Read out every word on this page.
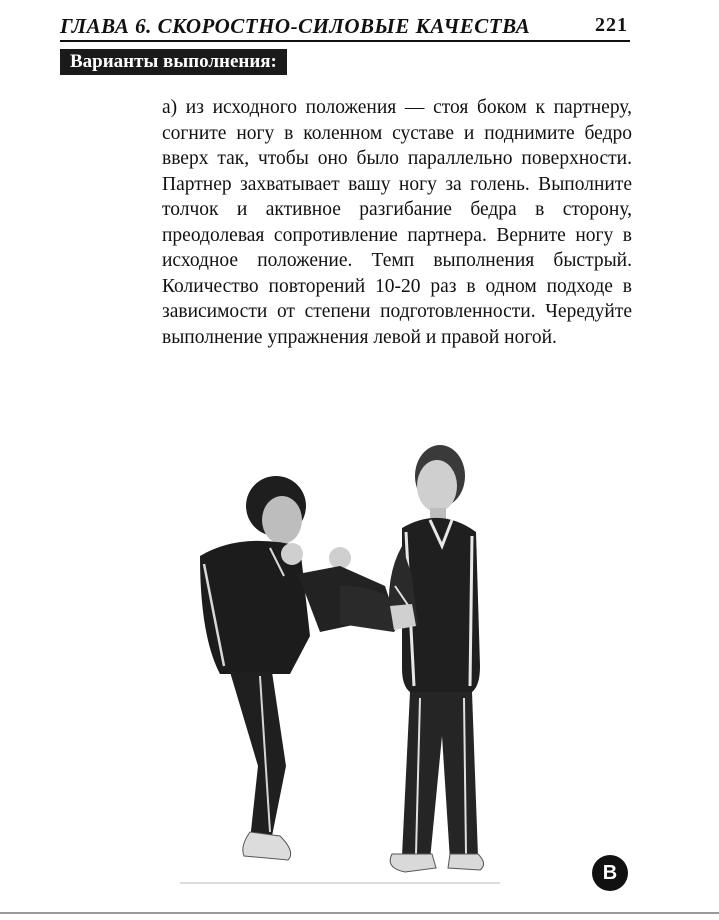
ГЛАВА 6. СКОРОСТНО-СИЛОВЫЕ КАЧЕСТВА	221
Варианты выполнения:
а) из исходного положения — стоя боком к партнеру, согните ногу в коленном суставе и поднимите бедро вверх так, чтобы оно было параллельно поверхности. Партнер захватывает вашу ногу за голень. Выполните толчок и активное разгибание бедра в сторону, преодолевая сопротивление партнера. Верните ногу в исходное положение. Темп выполнения быстрый. Количество повторений 10-20 раз в одном подходе в зависимости от степени подготовленности. Чередуйте выполнение упражнения левой и правой ногой.
В
